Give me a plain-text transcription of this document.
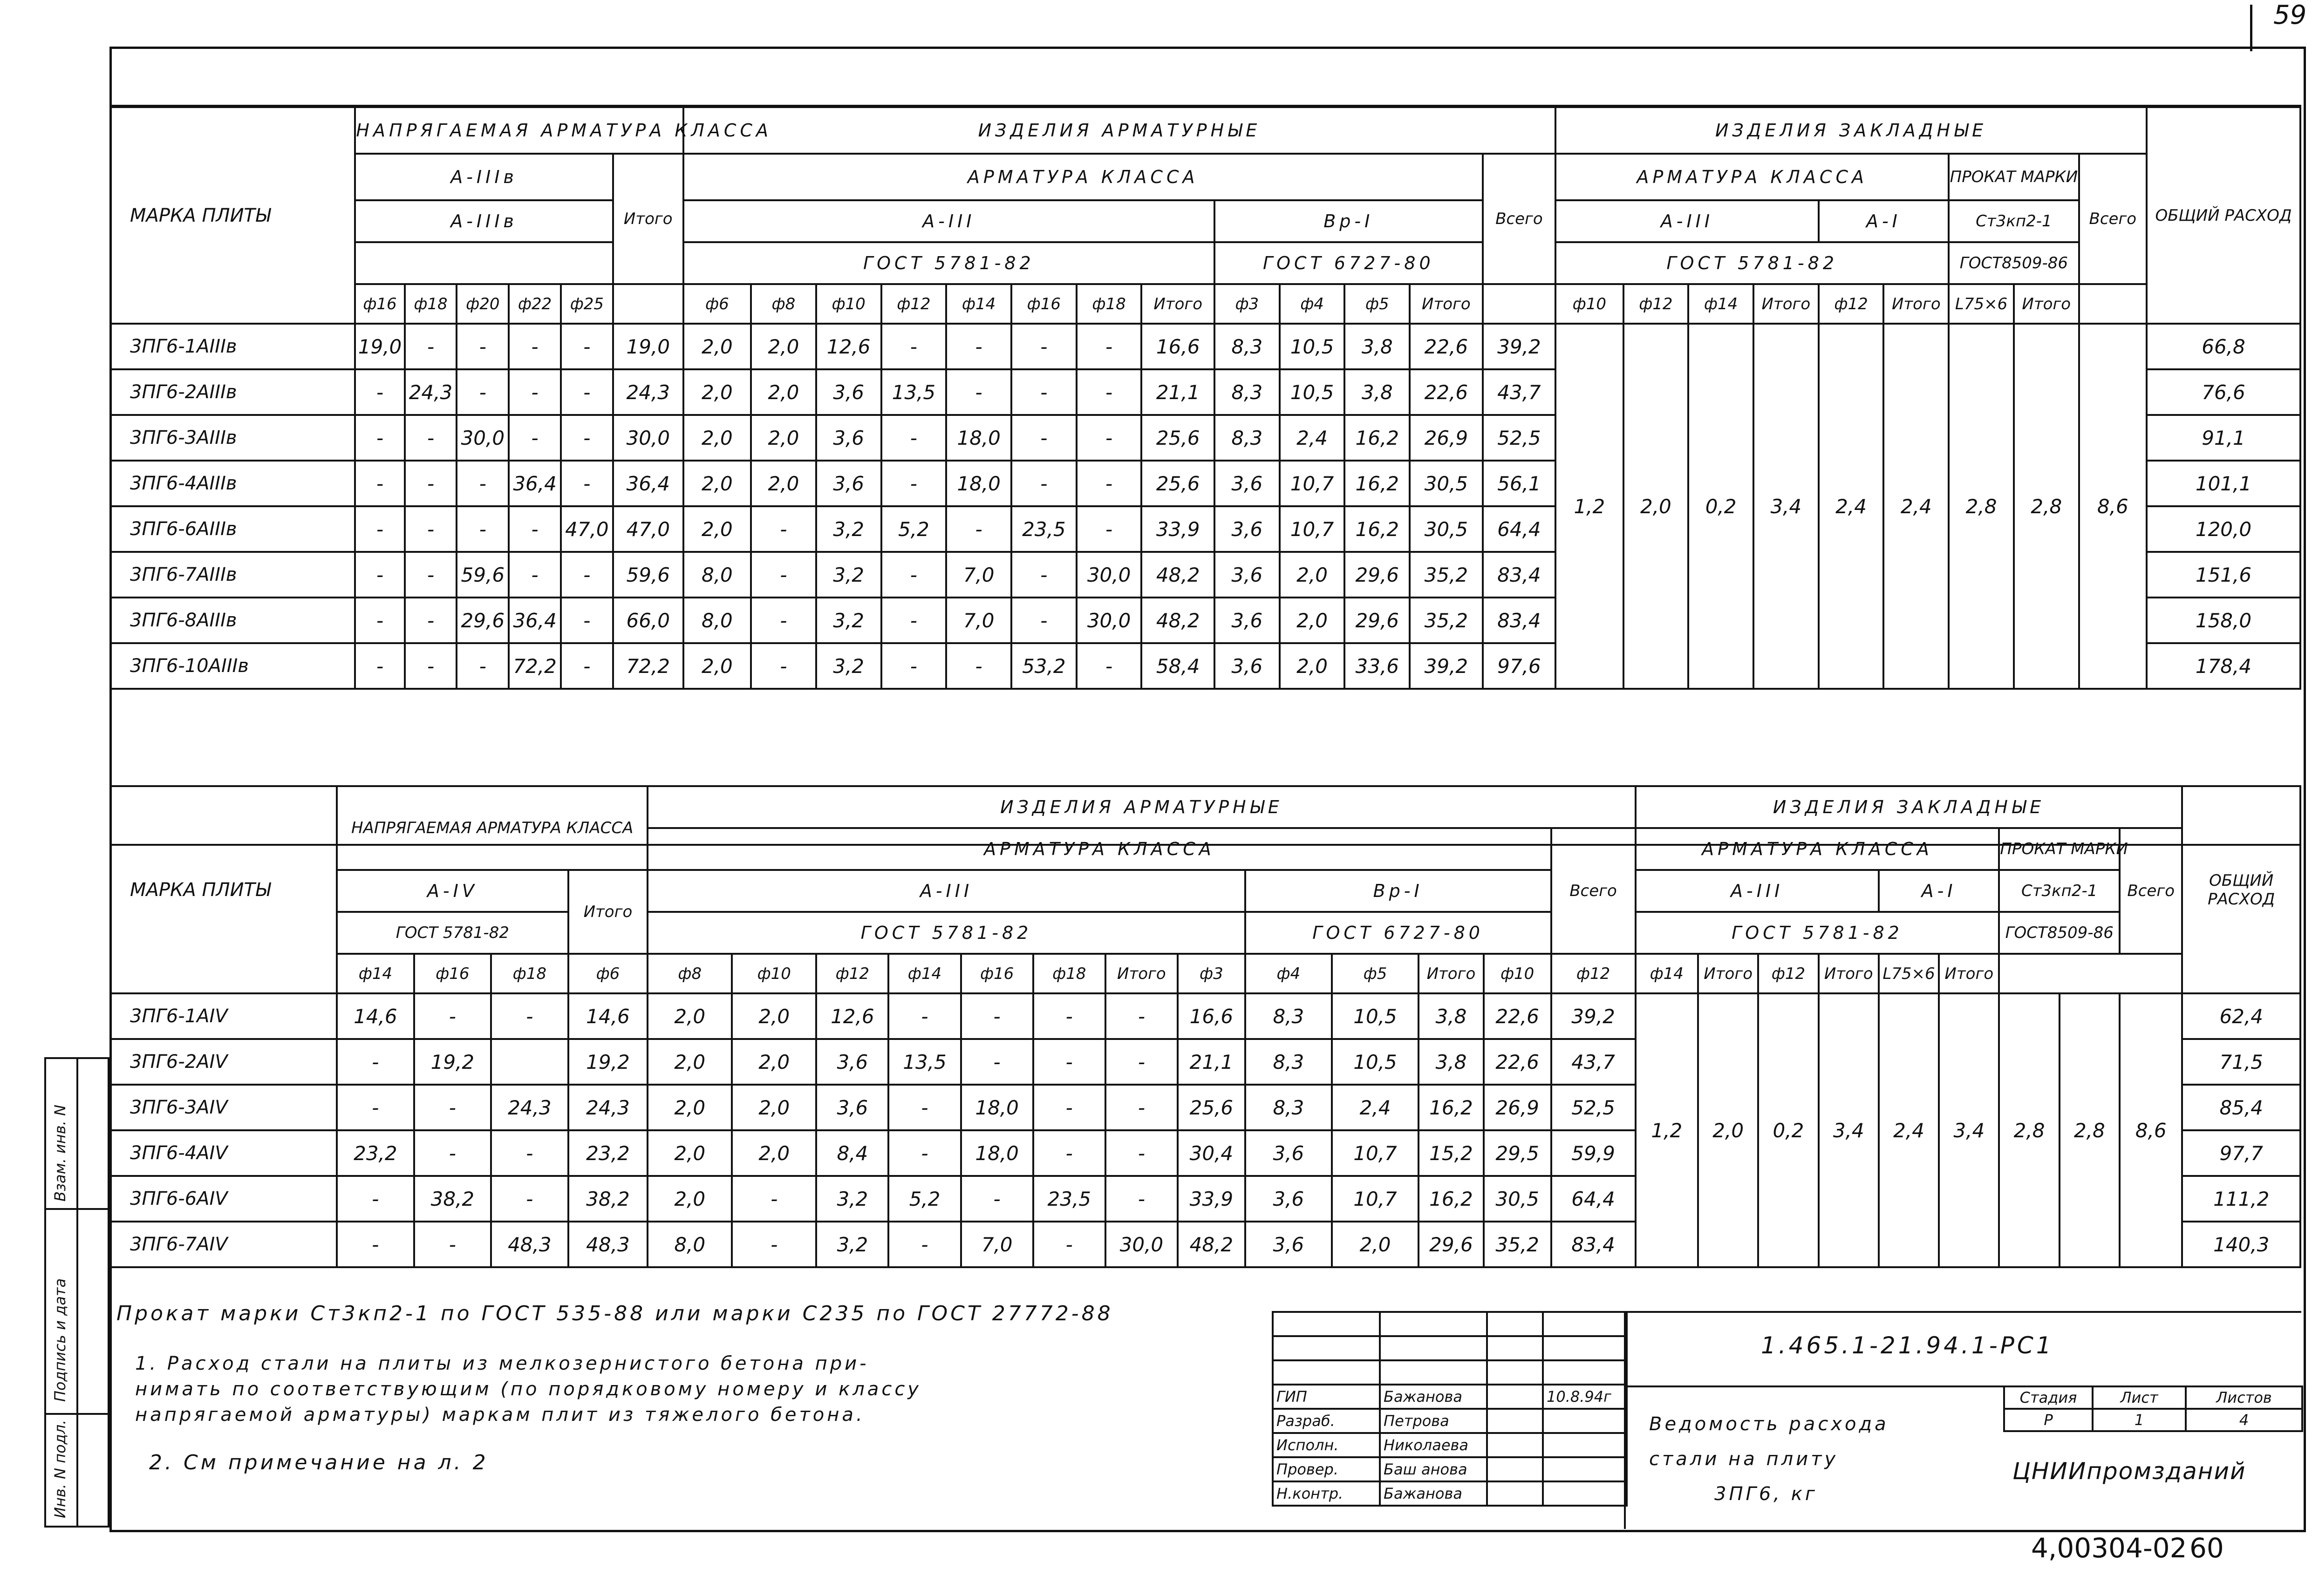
59
МАРКА ПЛИТЫ	НАПРЯГАЕМАЯ АРМАТУРА КЛАССА						ИЗДЕЛИЯ АРМАТУРНЫЕ													ИЗДЕЛИЯ ЗАКЛАДНЫЕ									ОБЩИЙ РАСХОД
	А-IIIв					Итого	АРМАТУРА КЛАССА												Всего	АРМАТУРА КЛАССА						ПРОКАТ МАРКИ		Всего	
	А-IIIв						А-III								Вр-I					А-III				А-I		Ст3кп2-1			
							ГОСТ 5781-82								ГОСТ 6727-80					ГОСТ 5781-82						ГОСТ8509-86			
	ф16	ф18	ф20	ф22	ф25		ф6	ф8	ф10	ф12	ф14	ф16	ф18	Итого	ф3	ф4	ф5	Итого		ф10	ф12	ф14	Итого	ф12	Итого	L75×6	Итого		
3ПГ6-1АIIIв	19,0	-	-	-	-	19,0	2,0	2,0	12,6	-	-	-	-	16,6	8,3	10,5	3,8	22,6	39,2	1,2	2,0	0,2	3,4	2,4	2,4	2,8	2,8	8,6	66,8
3ПГ6-2АIIIв	-	24,3	-	-	-	24,3	2,0	2,0	3,6	13,5	-	-	-	21,1	8,3	10,5	3,8	22,6	43,7										76,6
3ПГ6-3АIIIв	-	-	30,0	-	-	30,0	2,0	2,0	3,6	-	18,0	-	-	25,6	8,3	2,4	16,2	26,9	52,5										91,1
3ПГ6-4АIIIв	-	-	-	36,4	-	36,4	2,0	2,0	3,6	-	18,0	-	-	25,6	3,6	10,7	16,2	30,5	56,1										101,1
3ПГ6-6АIIIв	-	-	-	-	47,0	47,0	2,0	-	3,2	5,2	-	23,5	-	33,9	3,6	10,7	16,2	30,5	64,4										120,0
3ПГ6-7АIIIв	-	-	59,6	-	-	59,6	8,0	-	3,2	-	7,0	-	30,0	48,2	3,6	2,0	29,6	35,2	83,4										151,6
3ПГ6-8АIIIв	-	-	29,6	36,4	-	66,0	8,0	-	3,2	-	7,0	-	30,0	48,2	3,6	2,0	29,6	35,2	83,4										158,0
3ПГ6-10АIIIв	-	-	-	72,2	-	72,2	2,0	-	3,2	-	-	53,2	-	58,4	3,6	2,0	33,6	39,2	97,6										178,4

МАРКА ПЛИТЫ	НАПРЯГАЕМАЯ АРМАТУРА КЛАССА				ИЗДЕЛИЯ АРМАТУРНЫЕ													ИЗДЕЛИЯ ЗАКЛАДНЫЕ									ОБЩИЙ РАСХОД
					АРМАТУРА КЛАССА												Всего	АРМАТУРА КЛАССА						ПРОКАТ МАРКИ		Всего	
	А-IV			Итого	А-III								Вр-I					А-III				А-I		Ст3кп2-1			
	ГОСТ 5781-82				ГОСТ 5781-82								ГОСТ 6727-80					ГОСТ 5781-82						ГОСТ8509-86			
	ф14	ф16	ф18	ф6	ф8	ф10	ф12	ф14	ф16	ф18	Итого	ф3	ф4	ф5	Итого	ф10	ф12	ф14	Итого	ф12	Итого	L75×6	Итого				
3ПГ6-1АIV	14,6	-	-	14,6	2,0	2,0	12,6	-	-	-	-	16,6	8,3	10,5	3,8	22,6	39,2	1,2	2,0	0,2	3,4	2,4	3,4	2,8	2,8	8,6	62,4
3ПГ6-2АIV	-	19,2		19,2	2,0	2,0	3,6	13,5	-	-	-	21,1	8,3	10,5	3,8	22,6	43,7										71,5
3ПГ6-3АIV	-	-	24,3	24,3	2,0	2,0	3,6	-	18,0	-	-	25,6	8,3	2,4	16,2	26,9	52,5										85,4
3ПГ6-4АIV	23,2	-	-	23,2	2,0	2,0	8,4	-	18,0	-	-	30,4	3,6	10,7	15,2	29,5	59,9										97,7
3ПГ6-6АIV	-	38,2	-	38,2	2,0	-	3,2	5,2	-	23,5	-	33,9	3,6	10,7	16,2	30,5	64,4										111,2
3ПГ6-7АIV	-	-	48,3	48,3	8,0	-	3,2	-	7,0	-	30,0	48,2	3,6	2,0	29,6	35,2	83,4										140,3
Прокат марки Ст3кп2-1 по ГОСТ 535-88 или марки С235 по ГОСТ 27772-88
1. Расход стали на плиты из мелкозернистого бетона при-
нимать по соответствующим (по порядковому номеру и классу
напрягаемой арматуры) маркам плит из тяжелого бетона.
2. См примечание на л. 2

ГИП	Бажанова		10.8.94г
Разраб.	Петрова		
Исполн.	Николаева		
Провер.	Баш анова		
Н.контр.	Бажанова		
1.465.1-21.94.1-РС1
Ведомость расхода
стали на плиту
3ПГ6, кг
Стадия	Лист	Листов
Р	1	4
ЦНИИпромзданий
4,00304-02 60
Инв. N подл.
Подпись и дата
Взам. инв. N
